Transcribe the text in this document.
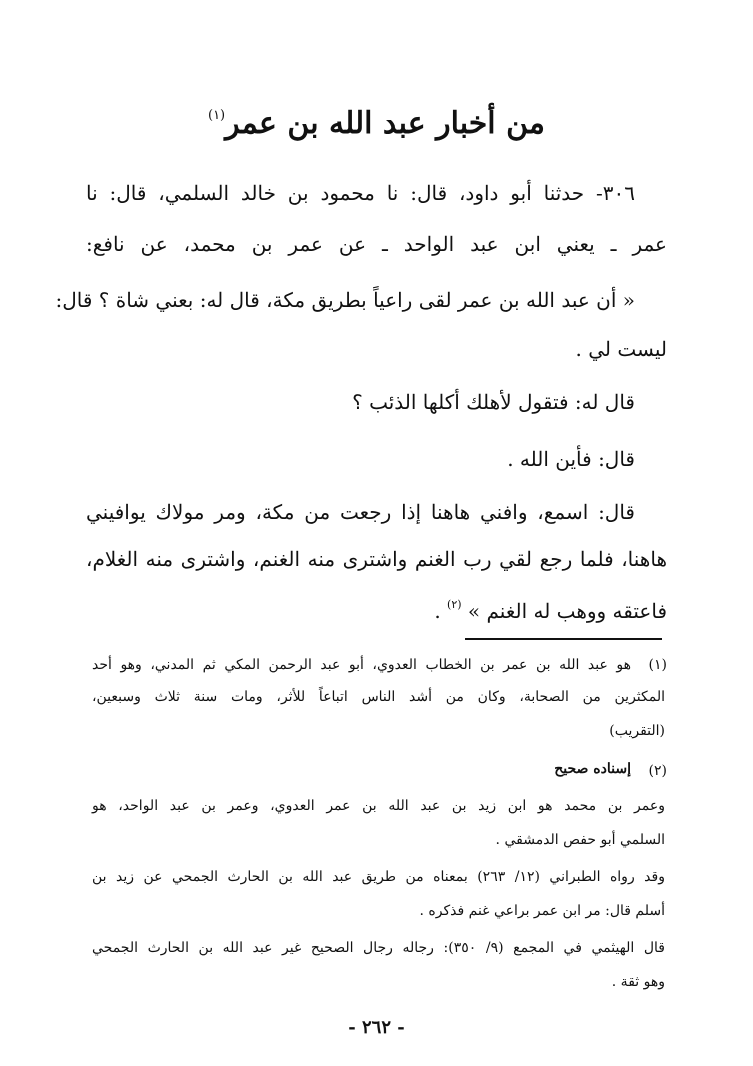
من أخبار عبد الله بن عمر$^{(١)}$
٣٠٦- حدثنا أبو داود، قال: نا محمود بن خالد السلمي، قال: نا
عمر ـ يعني ابن عبد الواحد ـ عن عمر بن محمد، عن نافع:
« أن عبد الله بن عمر لقى راعياً بطريق مكة، قال له: بعني شاة ؟ قال:
ليست لي .
قال له: فتقول لأهلك أكلها الذئب ؟
قال: فأين الله .
قال: اسمع، وافني هاهنا إذا رجعت من مكة، ومر مولاك يوافيني
هاهنا، فلما رجع لقي رب الغنم واشترى منه الغنم، واشترى منه الغلام،
فاعتقه ووهب له الغنم » $^{(٢)}$ .
(١)
هو عبد الله بن عمر بن الخطاب العدوي، أبو عبد الرحمن المكي ثم المدني، وهو أحد
المكثرين من الصحابة، وكان من أشد الناس اتباعاً للأثر، ومات سنة ثلاث وسبعين،
(التقريب)
(٢)
إسناده صحيح
وعمر بن محمد هو ابن زيد بن عبد الله بن عمر العدوي، وعمر بن عبد الواحد، هو
السلمي أبو حفص الدمشقي .
وقد رواه الطبراني (١٢/ ٢٦٣) بمعناه من طريق عبد الله بن الحارث الجمحي عن زيد بن
أسلم قال: مر ابن عمر براعي غنم فذكره .
قال الهيثمي في المجمع (٩/ ٣٥٠): رجاله رجال الصحيح غير عبد الله بن الحارث الجمحي
وهو ثقة .
- ٢٦٢ -
